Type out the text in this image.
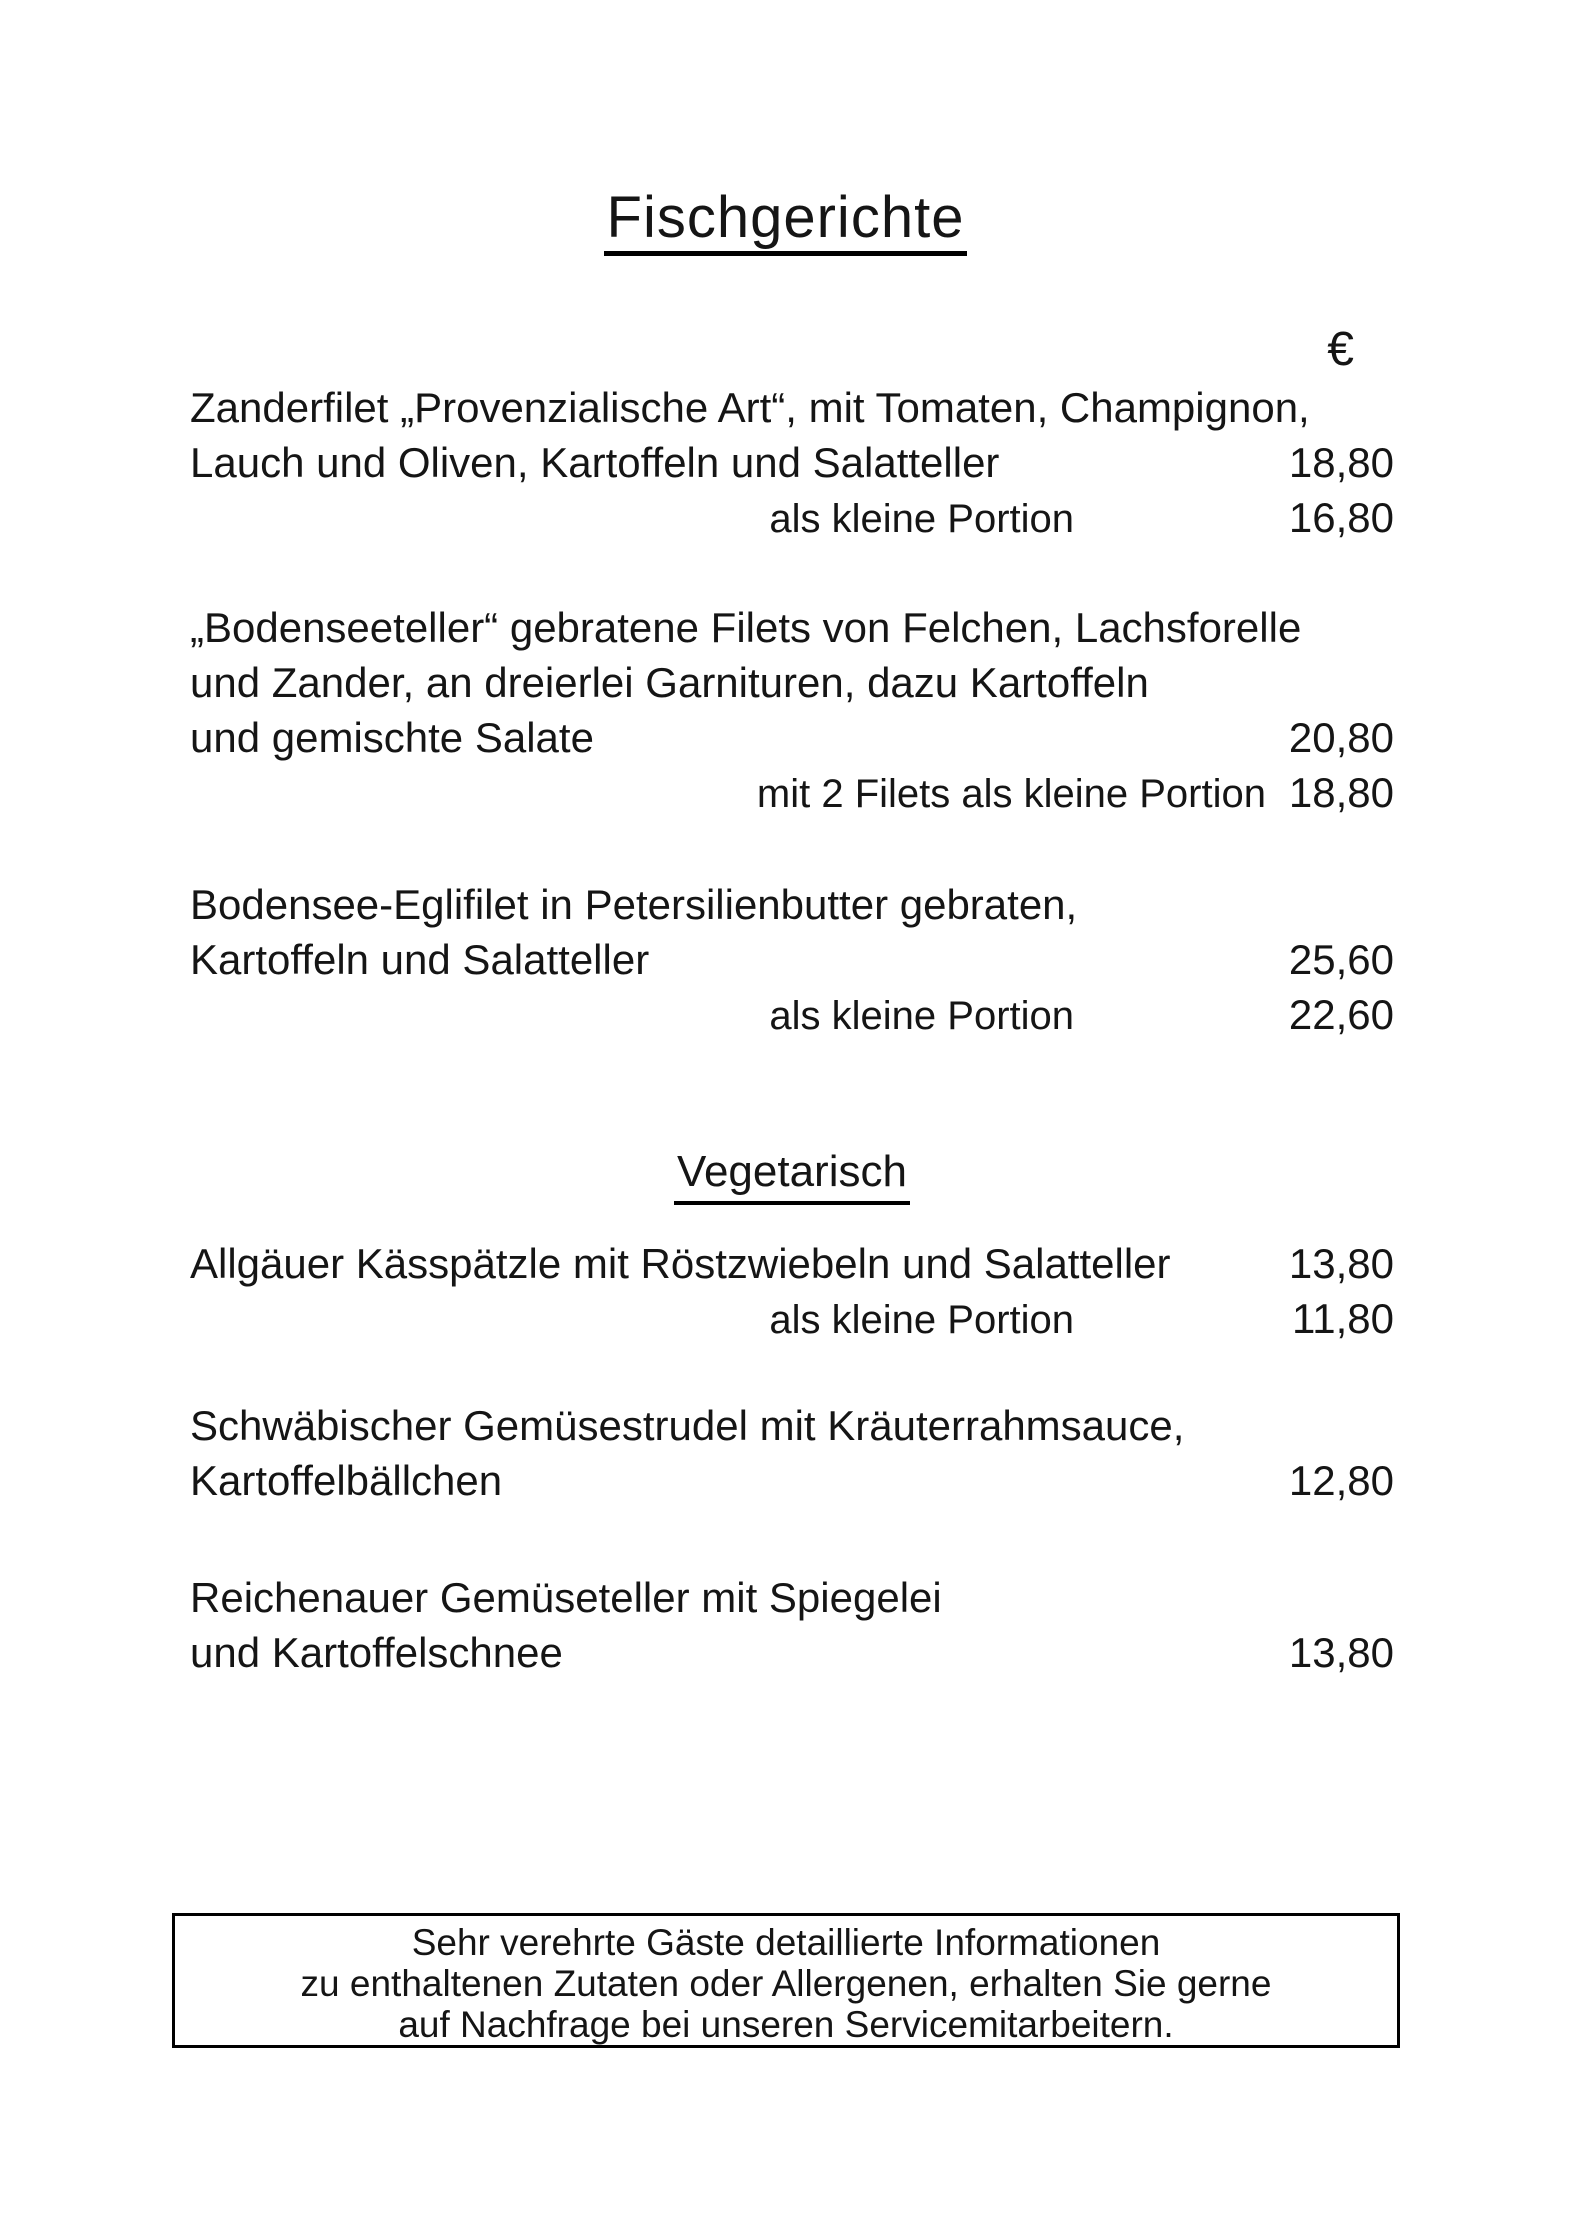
Fischgerichte
€
Zanderfilet „Provenzialische Art“, mit Tomaten, Champignon,
Lauch und Oliven, Kartoffeln und Salatteller	18,80
als kleine Portion	16,80
„Bodenseeteller“ gebratene Filets von Felchen, Lachsforelle
und Zander, an dreierlei Garnituren, dazu Kartoffeln
und gemischte Salate	20,80
mit 2 Filets als kleine Portion 18,80
Bodensee-Eglifilet in Petersilienbutter gebraten,
Kartoffeln und Salatteller	25,60
als kleine Portion	22,60
Vegetarisch
Allgäuer Kässpätzle mit Röstzwiebeln und Salatteller	13,80
als kleine Portion	11,80
Schwäbischer Gemüsestrudel mit Kräuterrahmsauce,
Kartoffelbällchen	12,80
Reichenauer Gemüseteller mit Spiegelei
und Kartoffelschnee	13,80
Sehr verehrte Gäste detaillierte Informationen
zu enthaltenen Zutaten oder Allergenen, erhalten Sie gerne
auf Nachfrage bei unseren Servicemitarbeitern.
